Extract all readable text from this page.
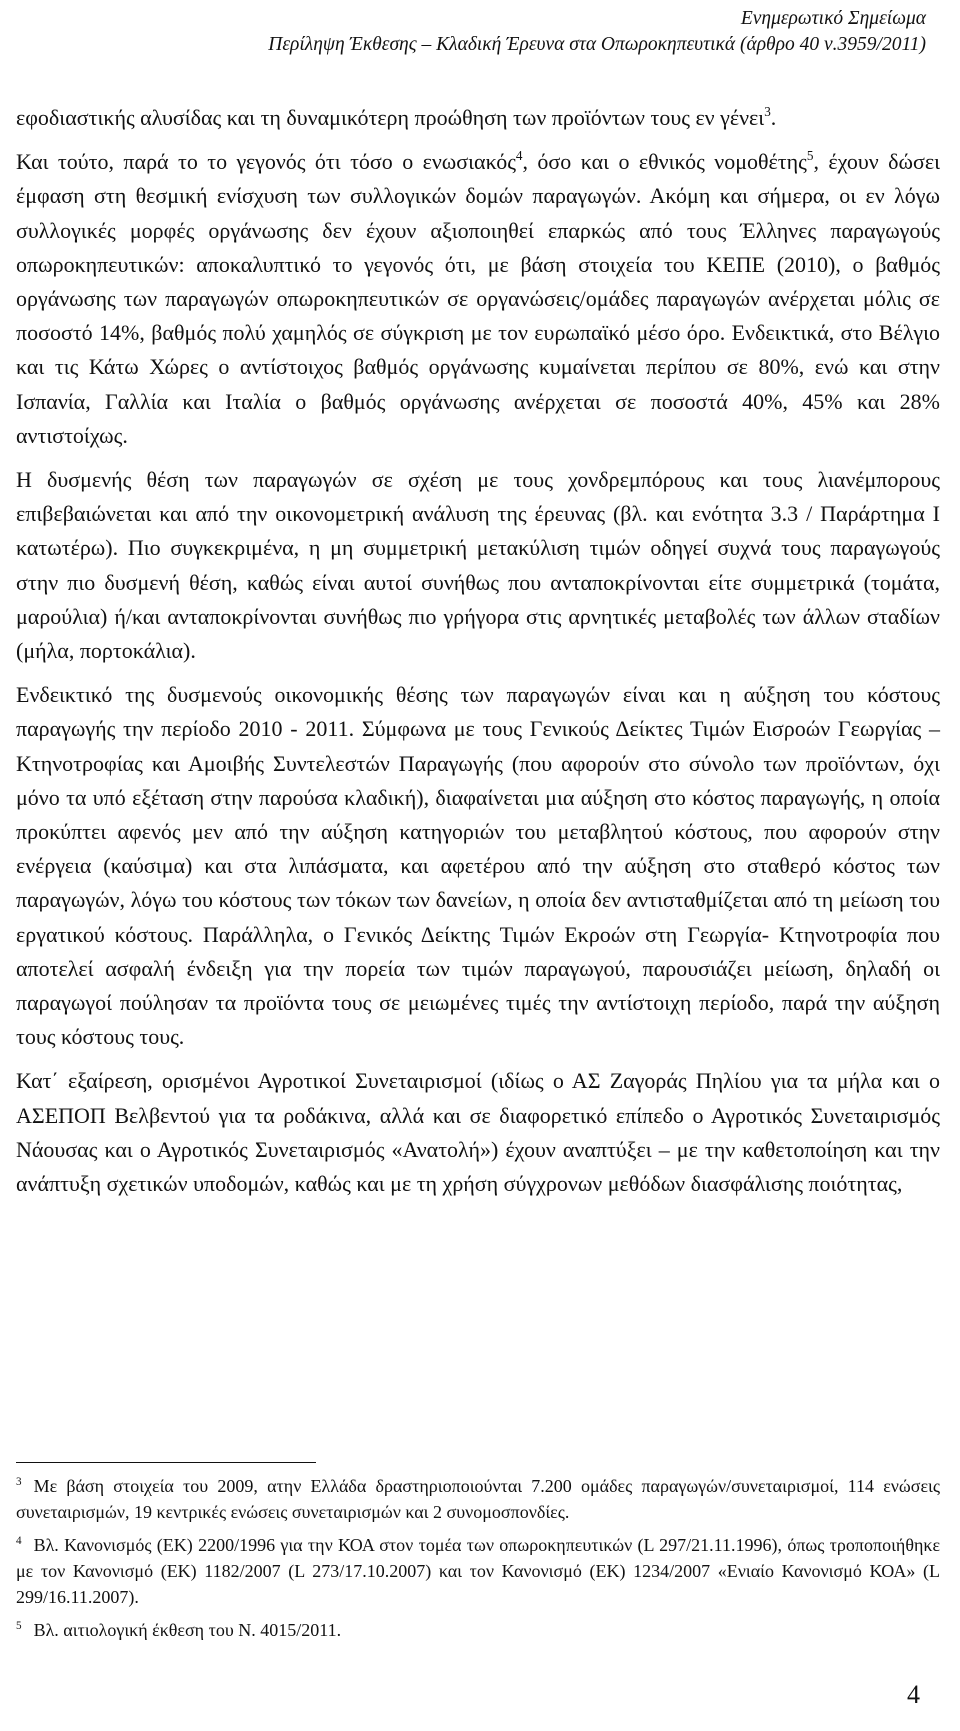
Ενημερωτικό Σημείωμα
Περίληψη Έκθεσης – Κλαδική Έρευνα στα Οπωροκηπευτικά (άρθρο 40 ν.3959/2011)

εφοδιαστικής αλυσίδας και τη δυναμικότερη προώθηση των προϊόντων τους εν γένει$^3$.

Και τούτο, παρά το το γεγονός ότι τόσο ο ενωσιακός$^4$, όσο και ο εθνικός νομοθέτης$^5$, έχουν δώσει έμφαση στη θεσμική ενίσχυση των συλλογικών δομών παραγωγών. Ακόμη και σήμερα, οι εν λόγω συλλογικές μορφές οργάνωσης δεν έχουν αξιοποιηθεί επαρκώς από τους Έλληνες παραγωγούς οπωροκηπευτικών: αποκαλυπτικό το γεγονός ότι, με βάση στοιχεία του ΚΕΠΕ (2010), ο βαθμός οργάνωσης των παραγωγών οπωροκηπευτικών σε οργανώσεις/ομάδες παραγωγών ανέρχεται μόλις σε ποσοστό 14%, βαθμός πολύ χαμηλός σε σύγκριση με τον ευρωπαϊκό μέσο όρο. Ενδεικτικά, στο Βέλγιο και τις Κάτω Χώρες ο αντίστοιχος βαθμός οργάνωσης κυμαίνεται περίπου σε 80%, ενώ και στην Ισπανία, Γαλλία και Ιταλία ο βαθμός οργάνωσης ανέρχεται σε ποσοστά 40%, 45% και 28% αντιστοίχως.

Η δυσμενής θέση των παραγωγών σε σχέση με τους χονδρεμπόρους και τους λιανέμπορους επιβεβαιώνεται και από την οικονομετρική ανάλυση της έρευνας (βλ. και ενότητα 3.3 / Παράρτημα Ι κατωτέρω). Πιο συγκεκριμένα, η μη συμμετρική μετακύλιση τιμών οδηγεί συχνά τους παραγωγούς στην πιο δυσμενή θέση, καθώς είναι αυτοί συνήθως που ανταποκρίνονται είτε συμμετρικά (τομάτα, μαρούλια) ή/και ανταποκρίνονται συνήθως πιο γρήγορα στις αρνητικές μεταβολές των άλλων σταδίων (μήλα, πορτοκάλια).

Ενδεικτικό της δυσμενούς οικονομικής θέσης των παραγωγών είναι και η αύξηση του κόστους παραγωγής την περίοδο 2010 - 2011. Σύμφωνα με τους Γενικούς Δείκτες Τιμών Εισροών Γεωργίας – Κτηνοτροφίας και Αμοιβής Συντελεστών Παραγωγής (που αφορούν στο σύνολο των προϊόντων, όχι μόνο τα υπό εξέταση στην παρούσα κλαδική), διαφαίνεται μια αύξηση στο κόστος παραγωγής, η οποία προκύπτει αφενός μεν από την αύξηση κατηγοριών του μεταβλητού κόστους, που αφορούν στην ενέργεια (καύσιμα) και στα λιπάσματα, και αφετέρου από την αύξηση στο σταθερό κόστος των παραγωγών, λόγω του κόστους των τόκων των δανείων, η οποία δεν αντισταθμίζεται από τη μείωση του εργατικού κόστους. Παράλληλα, ο Γενικός Δείκτης Τιμών Εκροών στη Γεωργία- Κτηνοτροφία που αποτελεί ασφαλή ένδειξη για την πορεία των τιμών παραγωγού, παρουσιάζει μείωση, δηλαδή οι παραγωγοί πούλησαν τα προϊόντα τους σε μειωμένες τιμές την αντίστοιχη περίοδο, παρά την αύξηση τους κόστους τους.

Κατ΄ εξαίρεση, ορισμένοι Αγροτικοί Συνεταιρισμοί (ιδίως ο ΑΣ Ζαγοράς Πηλίου για τα μήλα και ο ΑΣΕΠΟΠ Βελβεντού για τα ροδάκινα, αλλά και σε διαφορετικό επίπεδο ο Αγροτικός Συνεταιρισμός Νάουσας και ο Αγροτικός Συνεταιρισμός «Ανατολή») έχουν αναπτύξει – με την καθετοποίηση και την ανάπτυξη σχετικών υποδομών, καθώς και με τη χρήση σύγχρονων μεθόδων διασφάλισης ποιότητας,

$^3$ Με βάση στοιχεία του 2009, ατην Ελλάδα δραστηριοποιούνται 7.200 ομάδες παραγωγών/συνεταιρισμοί, 114 ενώσεις συνεταιρισμών, 19 κεντρικές ενώσεις συνεταιρισμών και 2 συνομοσπονδίες.

$^4$ Βλ. Κανονισμός (ΕΚ) 2200/1996 για την ΚΟΑ στον τομέα των οπωροκηπευτικών (L 297/21.11.1996), όπως τροποποιήθηκε με τον Κανονισμό (ΕΚ) 1182/2007 (L 273/17.10.2007) και τον Κανονισμό (ΕΚ) 1234/2007 «Ενιαίο Κανονισμό ΚΟΑ» (L 299/16.11.2007).

$^5$ Βλ. αιτιολογική έκθεση του Ν. 4015/2011.

4
